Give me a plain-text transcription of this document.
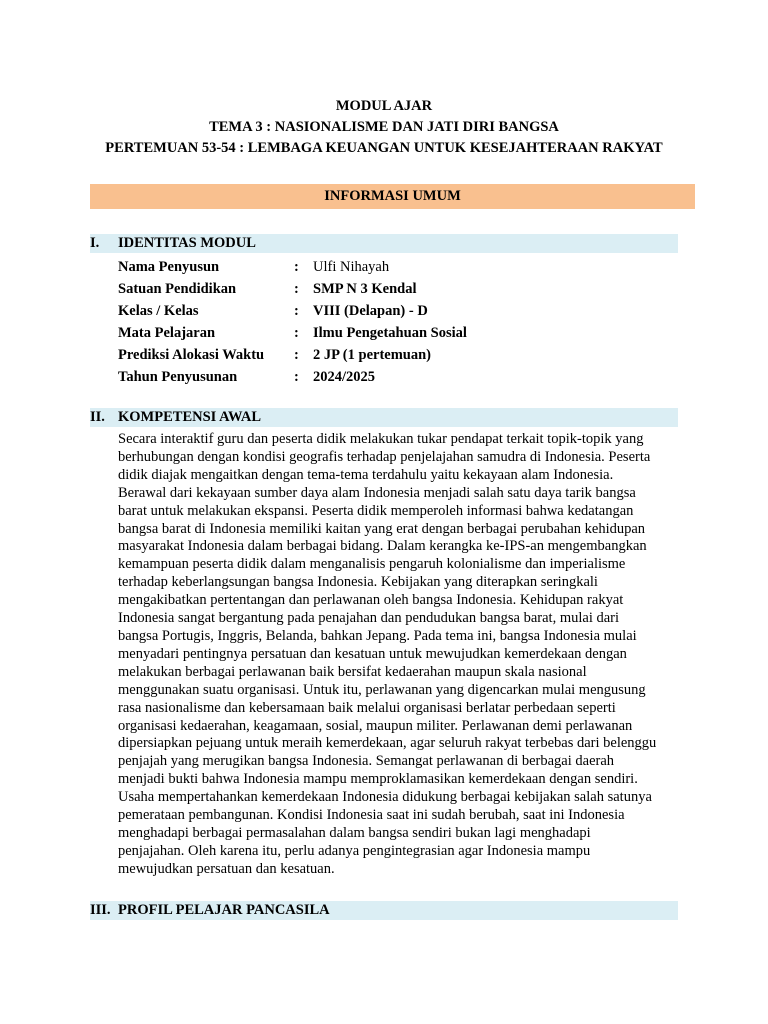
MODUL AJAR
TEMA 3 : NASIONALISME DAN JATI DIRI BANGSA
PERTEMUAN 53-54 : LEMBAGA KEUANGAN UNTUK KESEJAHTERAAN RAKYAT
INFORMASI UMUM
I. IDENTITAS MODUL
Nama Penyusun	: Ulfi Nihayah
Satuan Pendidikan	: SMP N 3 Kendal
Kelas / Kelas	: VIII (Delapan) - D
Mata Pelajaran	: Ilmu Pengetahuan Sosial
Prediksi Alokasi Waktu : 2 JP (1 pertemuan)
Tahun Penyusunan	: 2024/2025
II. KOMPETENSI AWAL
Secara interaktif guru dan peserta didik melakukan tukar pendapat terkait topik-topik yang
berhubungan dengan kondisi geografis terhadap penjelajahan samudra di Indonesia. Peserta
didik diajak mengaitkan dengan tema-tema terdahulu yaitu kekayaan alam Indonesia.
Berawal dari kekayaan sumber daya alam Indonesia menjadi salah satu daya tarik bangsa
barat untuk melakukan ekspansi. Peserta didik memperoleh informasi bahwa kedatangan
bangsa barat di Indonesia memiliki kaitan yang erat dengan berbagai perubahan kehidupan
masyarakat Indonesia dalam berbagai bidang. Dalam kerangka ke-IPS-an mengembangkan
kemampuan peserta didik dalam menganalisis pengaruh kolonialisme dan imperialisme
terhadap keberlangsungan bangsa Indonesia. Kebijakan yang diterapkan seringkali
mengakibatkan pertentangan dan perlawanan oleh bangsa Indonesia. Kehidupan rakyat
Indonesia sangat bergantung pada penajahan dan pendudukan bangsa barat, mulai dari
bangsa Portugis, Inggris, Belanda, bahkan Jepang. Pada tema ini, bangsa Indonesia mulai
menyadari pentingnya persatuan dan kesatuan untuk mewujudkan kemerdekaan dengan
melakukan berbagai perlawanan baik bersifat kedaerahan maupun skala nasional
menggunakan suatu organisasi. Untuk itu, perlawanan yang digencarkan mulai mengusung
rasa nasionalisme dan kebersamaan baik melalui organisasi berlatar perbedaan seperti
organisasi kedaerahan, keagamaan, sosial, maupun militer. Perlawanan demi perlawanan
dipersiapkan pejuang untuk meraih kemerdekaan, agar seluruh rakyat terbebas dari belenggu
penjajah yang merugikan bangsa Indonesia. Semangat perlawanan di berbagai daerah
menjadi bukti bahwa Indonesia mampu memproklamasikan kemerdekaan dengan sendiri.
Usaha mempertahankan kemerdekaan Indonesia didukung berbagai kebijakan salah satunya
pemerataan pembangunan. Kondisi Indonesia saat ini sudah berubah, saat ini Indonesia
menghadapi berbagai permasalahan dalam bangsa sendiri bukan lagi menghadapi
penjajahan. Oleh karena itu, perlu adanya pengintegrasian agar Indonesia mampu
mewujudkan persatuan dan kesatuan.
III. PROFIL PELAJAR PANCASILA
